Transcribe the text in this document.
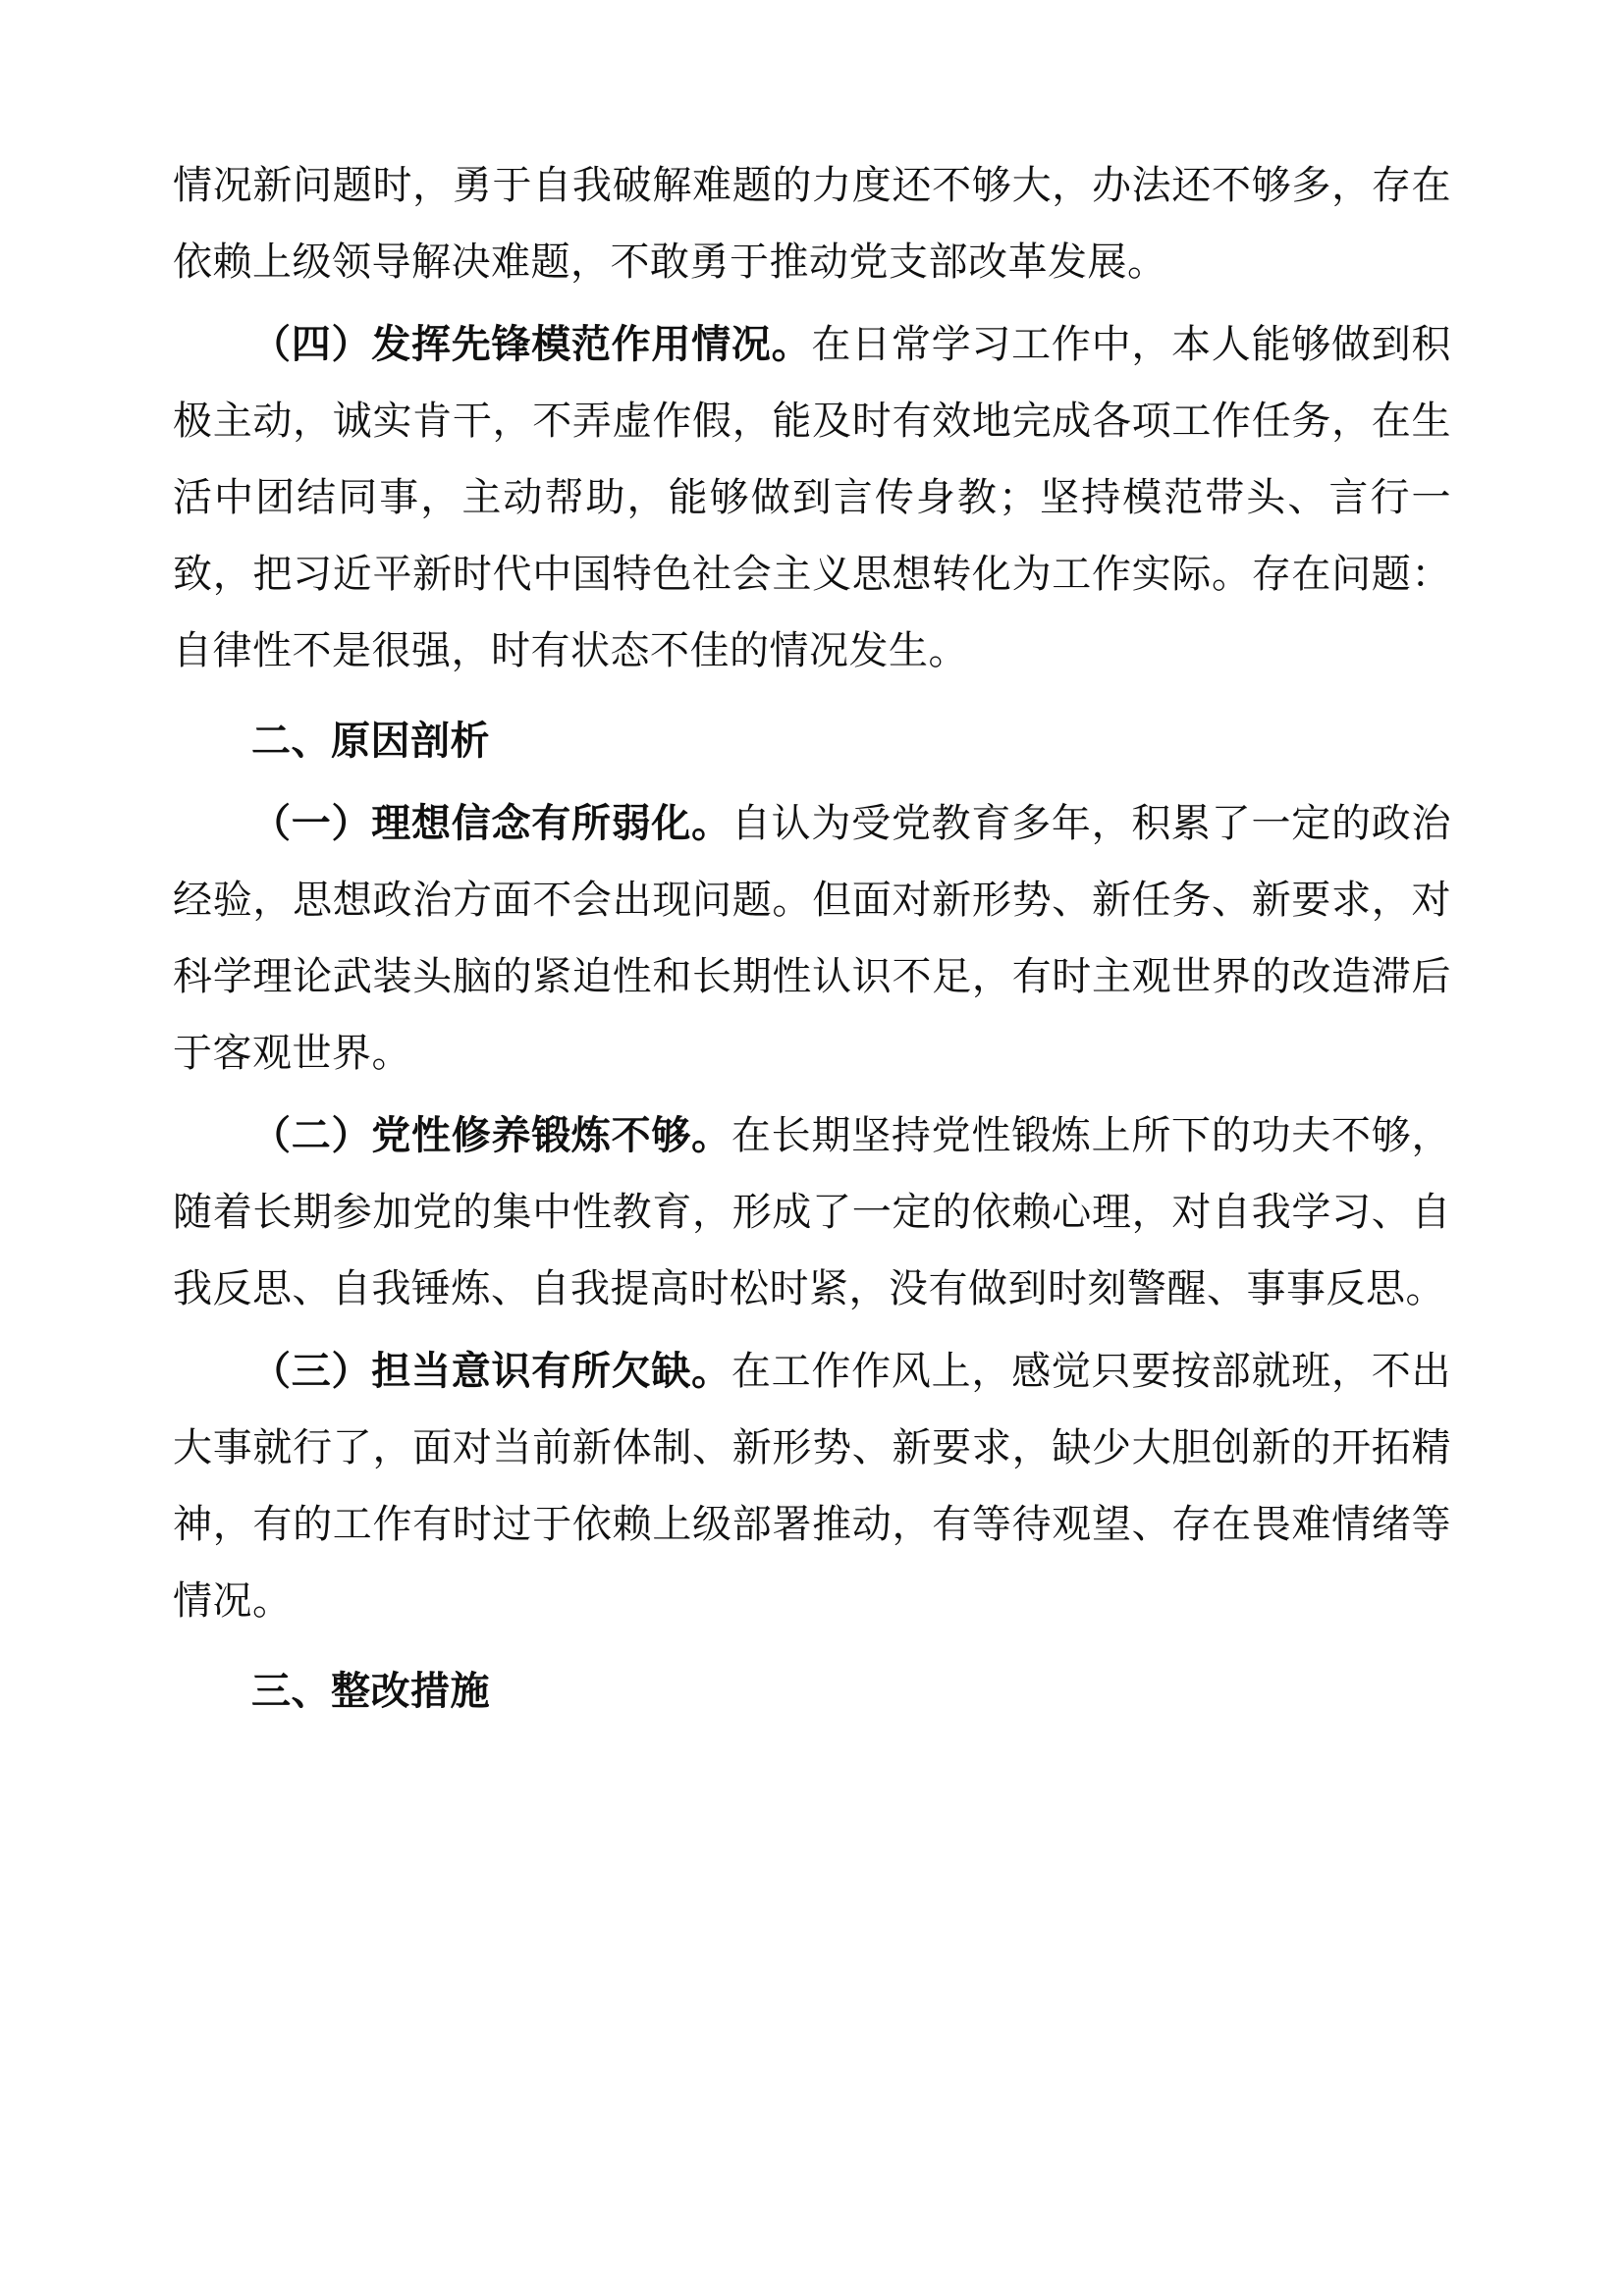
情况新问题时，勇于自我破解难题的力度还不够大，办法还不够多，存在依赖上级领导解决难题，不敢勇于推动党支部改革发展。

（四）发挥先锋模范作用情况。在日常学习工作中，本人能够做到积极主动，诚实肯干，不弄虚作假，能及时有效地完成各项工作任务，在生活中团结同事，主动帮助，能够做到言传身教；坚持模范带头、言行一致，把习近平新时代中国特色社会主义思想转化为工作实际。存在问题：自律性不是很强，时有状态不佳的情况发生。

二、原因剖析

（一）理想信念有所弱化。自认为受党教育多年，积累了一定的政治经验，思想政治方面不会出现问题。但面对新形势、新任务、新要求，对科学理论武装头脑的紧迫性和长期性认识不足，有时主观世界的改造滞后于客观世界。

（二）党性修养锻炼不够。在长期坚持党性锻炼上所下的功夫不够，随着长期参加党的集中性教育，形成了一定的依赖心理，对自我学习、自我反思、自我锤炼、自我提高时松时紧，没有做到时刻警醒、事事反思。

（三）担当意识有所欠缺。在工作作风上，感觉只要按部就班，不出大事就行了，面对当前新体制、新形势、新要求，缺少大胆创新的开拓精神，有的工作有时过于依赖上级部署推动，有等待观望、存在畏难情绪等情况。

三、整改措施
